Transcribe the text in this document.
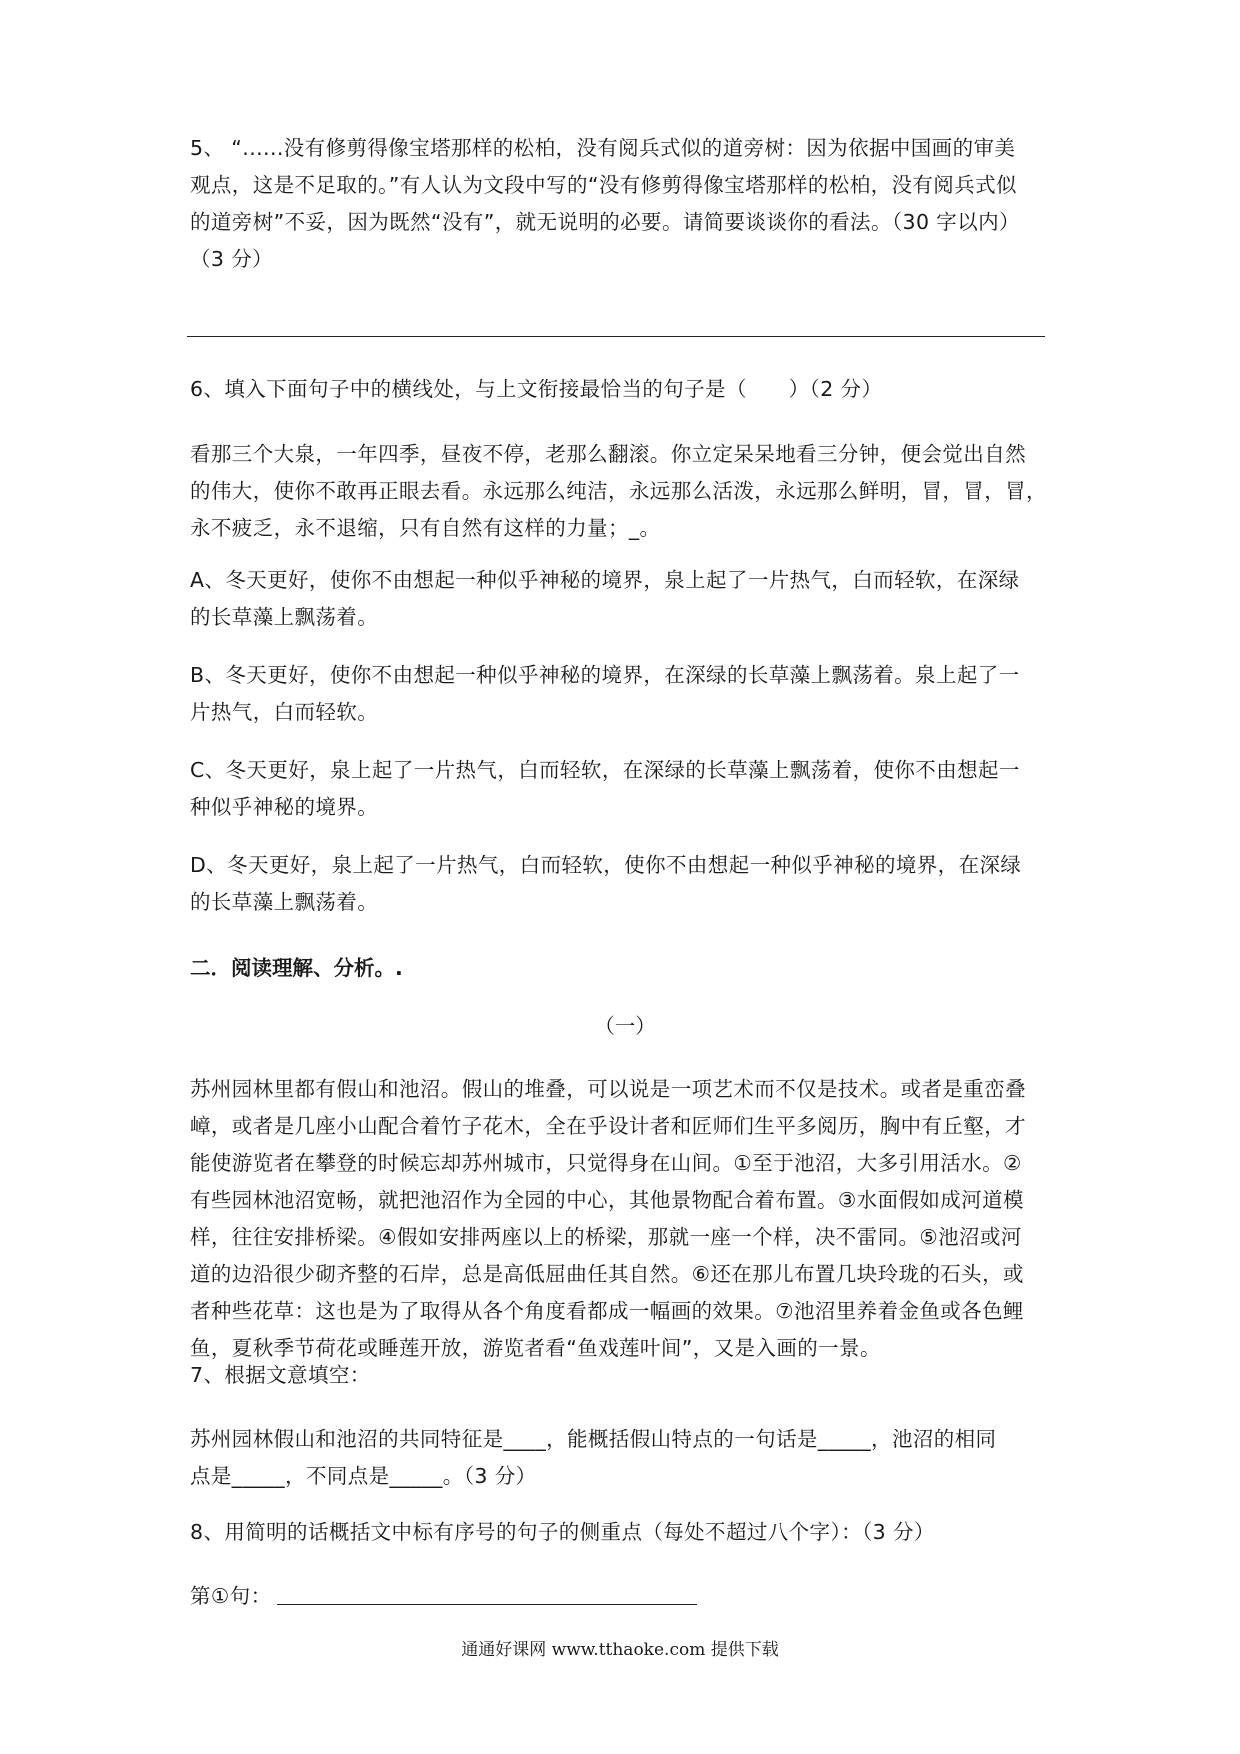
5、 “......没有修剪得像宝塔那样的松柏，没有阅兵式似的道旁树：因为依据中国画的审美
观点，这是不足取的。”有人认为文段中写的“没有修剪得像宝塔那样的松柏，没有阅兵式似
的道旁树”不妥，因为既然“没有”，就无说明的必要。请简要谈谈你的看法。（30 字以内）
（3 分）

6、填入下面句子中的横线处，与上文衔接最恰当的句子是（　　）（2 分）

看那三个大泉，一年四季，昼夜不停，老那么翻滚。你立定呆呆地看三分钟，便会觉出自然
的伟大，使你不敢再正眼去看。永远那么纯洁，永远那么活泼，永远那么鲜明，冒，冒，冒，
永不疲乏，永不退缩，只有自然有这样的力量；_。

A、冬天更好，使你不由想起一种似乎神秘的境界，泉上起了一片热气，白而轻软，在深绿
的长草藻上飘荡着。

B、冬天更好，使你不由想起一种似乎神秘的境界，在深绿的长草藻上飘荡着。泉上起了一
片热气，白而轻软。

C、冬天更好，泉上起了一片热气，白而轻软，在深绿的长草藻上飘荡着，使你不由想起一
种似乎神秘的境界。

D、冬天更好，泉上起了一片热气，白而轻软，使你不由想起一种似乎神秘的境界，在深绿
的长草藻上飘荡着。

二．阅读理解、分析。.

（一）

苏州园林里都有假山和池沼。假山的堆叠，可以说是一项艺术而不仅是技术。或者是重峦叠
嶂，或者是几座小山配合着竹子花木，全在乎设计者和匠师们生平多阅历，胸中有丘壑，才
能使游览者在攀登的时候忘却苏州城市，只觉得身在山间。①至于池沼，大多引用活水。②
有些园林池沼宽畅，就把池沼作为全园的中心，其他景物配合着布置。③水面假如成河道模
样，往往安排桥梁。④假如安排两座以上的桥梁，那就一座一个样，决不雷同。⑤池沼或河
道的边沿很少砌齐整的石岸，总是高低屈曲任其自然。⑥还在那儿布置几块玲珑的石头，或
者种些花草：这也是为了取得从各个角度看都成一幅画的效果。⑦池沼里养着金鱼或各色鲤
鱼，夏秋季节荷花或睡莲开放，游览者看“鱼戏莲叶间”，又是入画的一景。

7、根据文意填空：

苏州园林假山和池沼的共同特征是____，能概括假山特点的一句话是_____，池沼的相同
点是_____，不同点是_____。（3 分）

8、用简明的话概括文中标有序号的句子的侧重点（每处不超过八个字）：（3 分）

第①句：

通通好课网 www.tthaoke.com 提供下载
